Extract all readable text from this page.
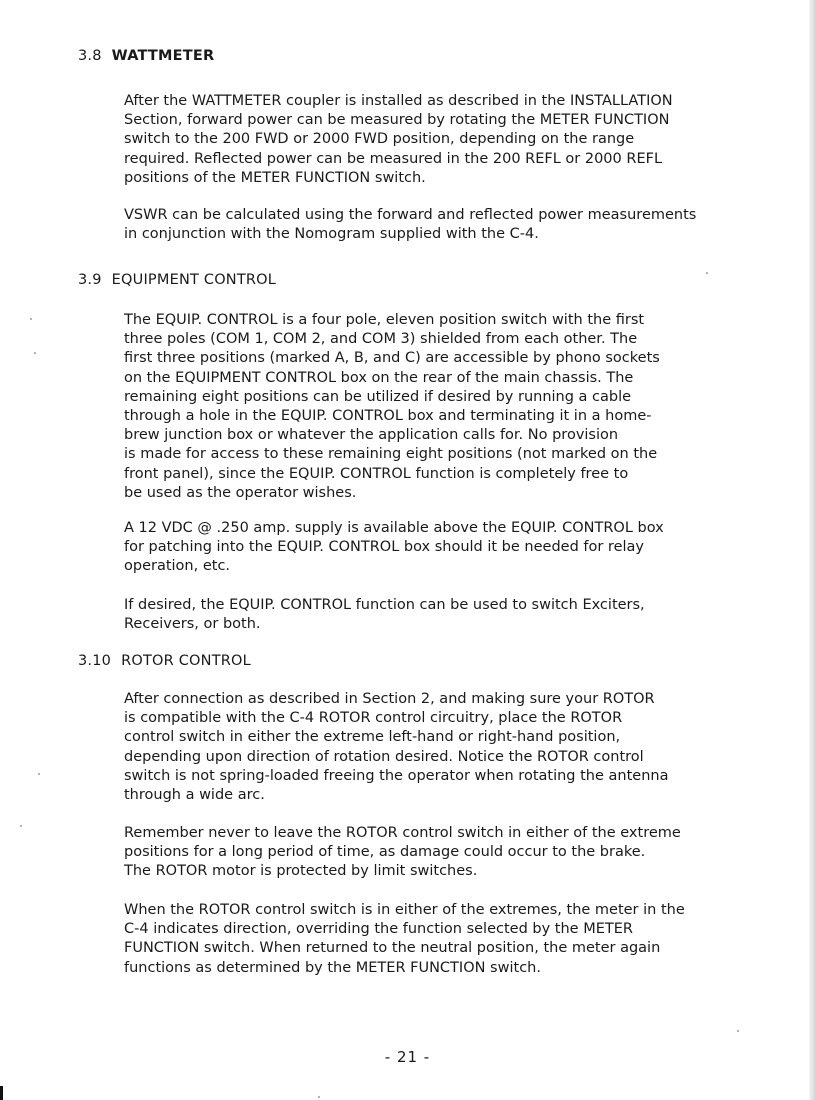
3.8 WATTMETER
After the WATTMETER coupler is installed as described in the INSTALLATION
Section, forward power can be measured by rotating the METER FUNCTION
switch to the 200 FWD or 2000 FWD position, depending on the range
required. Reflected power can be measured in the 200 REFL or 2000 REFL
positions of the METER FUNCTION switch.
VSWR can be calculated using the forward and reflected power measurements
in conjunction with the Nomogram supplied with the C-4.
3.9 EQUIPMENT CONTROL
The EQUIP. CONTROL is a four pole, eleven position switch with the first
three poles (COM 1, COM 2, and COM 3) shielded from each other. The
first three positions (marked A, B, and C) are accessible by phono sockets
on the EQUIPMENT CONTROL box on the rear of the main chassis. The
remaining eight positions can be utilized if desired by running a cable
through a hole in the EQUIP. CONTROL box and terminating it in a home-
brew junction box or whatever the application calls for. No provision
is made for access to these remaining eight positions (not marked on the
front panel), since the EQUIP. CONTROL function is completely free to
be used as the operator wishes.
A 12 VDC @ .250 amp. supply is available above the EQUIP. CONTROL box
for patching into the EQUIP. CONTROL box should it be needed for relay
operation, etc.
If desired, the EQUIP. CONTROL function can be used to switch Exciters,
Receivers, or both.
3.10 ROTOR CONTROL
After connection as described in Section 2, and making sure your ROTOR
is compatible with the C-4 ROTOR control circuitry, place the ROTOR
control switch in either the extreme left-hand or right-hand position,
depending upon direction of rotation desired. Notice the ROTOR control
switch is not spring-loaded freeing the operator when rotating the antenna
through a wide arc.
Remember never to leave the ROTOR control switch in either of the extreme
positions for a long period of time, as damage could occur to the brake.
The ROTOR motor is protected by limit switches.
When the ROTOR control switch is in either of the extremes, the meter in the
C-4 indicates direction, overriding the function selected by the METER
FUNCTION switch. When returned to the neutral position, the meter again
functions as determined by the METER FUNCTION switch.
- 21 -
